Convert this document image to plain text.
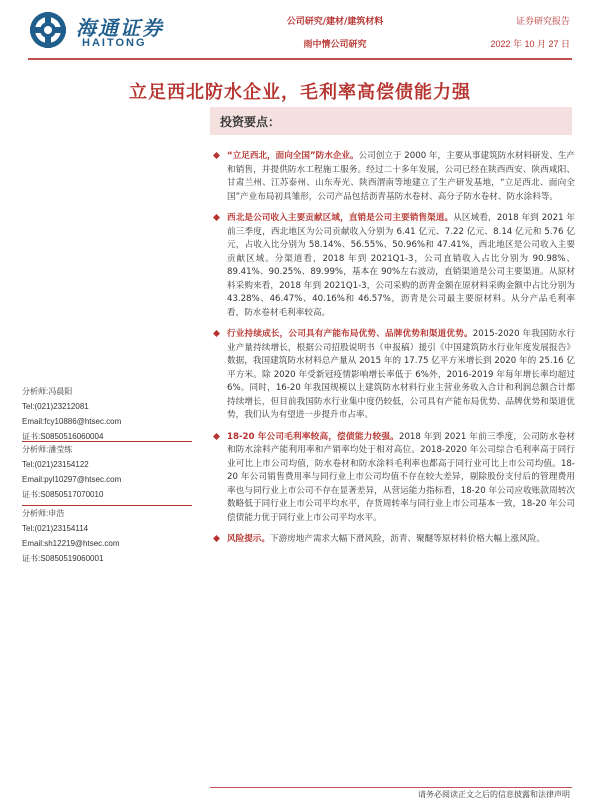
海通证券
HAITONG
公司研究/建材/建筑材料
雨中情公司研究
证券研究报告
2022 年 10 月 27 日
立足西北防水企业，毛利率高偿债能力强
投资要点：
分析师:冯晨阳
Tel:(021)23212081
Email:fcy10886@htsec.com
证书:S0850516060004
分析师:潘莹练
Tel:(021)23154122
Email:pyl10297@htsec.com
证书:S0850517070010
分析师:申浩
Tel:(021)23154114
Email:sh12219@htsec.com
证书:S0850519060001
“立足西北，面向全国”防水企业。公司创立于 2000 年，主要从事建筑防水材料研发、生产和销售，并提供防水工程施工服务。经过二十多年发展，公司已经在陕西西安、陕西咸阳、甘肃兰州、江苏泰州、山东寿光、陕西渭南等地建立了生产研发基地，“立足西北、面向全国”产业布局初具雏形，公司产品包括沥青基防水卷材、高分子防水卷材、防水涂料等。
西北是公司收入主要贡献区域，直销是公司主要销售渠道。从区域看，2018 年到 2021 年前三季度，西北地区为公司贡献收入分别为 6.41 亿元、7.22 亿元、8.14 亿元和 5.76 亿元，占收入比分别为 58.14%、56.55%、50.96%和 47.41%，西北地区是公司收入主要贡献区域。分渠道看，2018 年到 2021Q1-3，公司直销收入占比分别为 90.98%、89.41%、90.25%、89.99%，基本在 90%左右波动，直销渠道是公司主要渠道。从原材料采购来看，2018 年到 2021Q1-3，公司采购的沥青金额在原材料采购金额中占比分别为 43.28%、46.47%、40.16%和 46.57%，沥青是公司最主要原材料。从分产品毛利率看，防水卷材毛利率较高。
行业持续成长，公司具有产能布局优势、品牌优势和渠道优势。2015-2020 年我国防水行业产量持续增长，根据公司招股说明书（申报稿）援引《中国建筑防水行业年度发展报告》数据，我国建筑防水材料总产量从 2015 年的 17.75 亿平方米增长到 2020 年的 25.16 亿平方米。除 2020 年受新冠疫情影响增长率低于 6%外，2016-2019 年每年增长率均超过 6%。同时，16-20 年我国规模以上建筑防水材料行业主营业务收入合计和利润总额合计都持续增长，但目前我国防水行业集中度仍较低，公司具有产能布局优势、品牌优势和渠道优势，我们认为有望进一步提升市占率。
18-20 年公司毛利率较高，偿债能力较强。2018 年到 2021 年前三季度，公司防水卷材和防水涂料产能利用率和产销率均处于相对高位。2018-2020 年公司综合毛利率高于同行业可比上市公司均值，防水卷材和防水涂料毛利率也都高于同行业可比上市公司均值。18-20 年公司销售费用率与同行业上市公司均值不存在较大差异，剔除股份支付后的管理费用率也与同行业上市公司不存在显著差异，从营运能力指标看，18-20 年公司应收账款周转次数略低于同行业上市公司平均水平，存货周转率与同行业上市公司基本一致，18-20 年公司偿债能力优于同行业上市公司平均水平。
风险提示。下游房地产需求大幅下滑风险，沥青、聚醚等原材料价格大幅上涨风险。
请务必阅读正文之后的信息披露和法律声明
